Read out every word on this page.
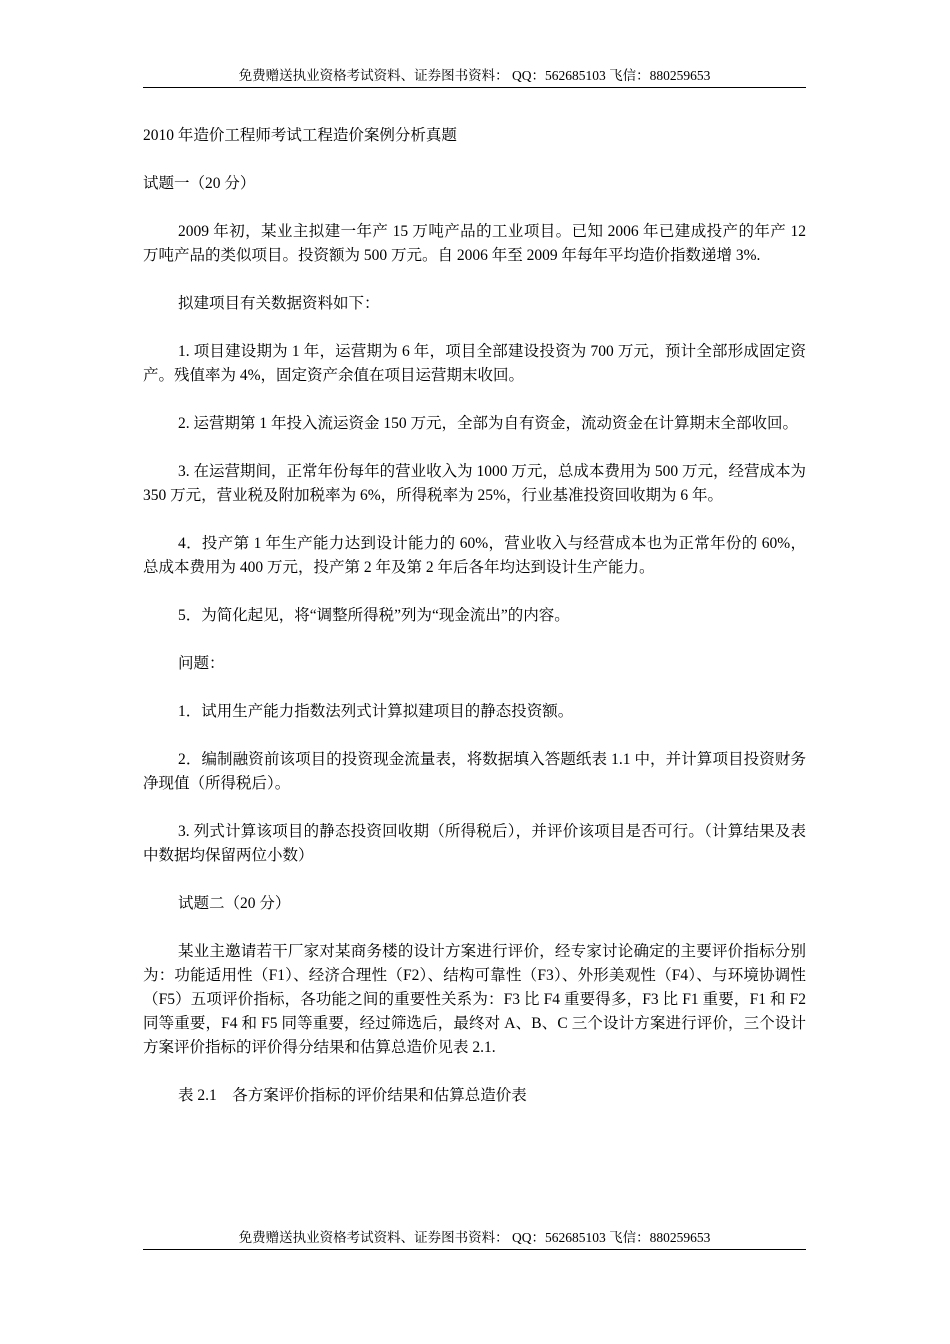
免费赠送执业资格考试资料、证券图书资料： QQ：562685103 飞信：880259653

2010 年造价工程师考试工程造价案例分析真题

试题一（20 分）

2009 年初，某业主拟建一年产 15 万吨产品的工业项目。已知 2006 年已建成投产的年产 12 万吨产品的类似项目。投资额为 500 万元。自 2006 年至 2009 年每年平均造价指数递增 3%.

拟建项目有关数据资料如下：

1. 项目建设期为 1 年，运营期为 6 年，项目全部建设投资为 700 万元，预计全部形成固定资产。残值率为 4%，固定资产余值在项目运营期末收回。

2. 运营期第 1 年投入流运资金 150 万元，全部为自有资金，流动资金在计算期末全部收回。

3. 在运营期间，正常年份每年的营业收入为 1000 万元，总成本费用为 500 万元，经营成本为 350 万元，营业税及附加税率为 6%，所得税率为 25%，行业基准投资回收期为 6 年。

4．投产第 1 年生产能力达到设计能力的 60%，营业收入与经营成本也为正常年份的 60%，总成本费用为 400 万元，投产第 2 年及第 2 年后各年均达到设计生产能力。

5．为简化起见，将“调整所得税”列为“现金流出”的内容。

问题：

1．试用生产能力指数法列式计算拟建项目的静态投资额。

2．编制融资前该项目的投资现金流量表，将数据填入答题纸表 1.1 中，并计算项目投资财务净现值（所得税后）。

3. 列式计算该项目的静态投资回收期（所得税后），并评价该项目是否可行。（计算结果及表中数据均保留两位小数）

试题二（20 分）

某业主邀请若干厂家对某商务楼的设计方案进行评价，经专家讨论确定的主要评价指标分别为：功能适用性（F1）、经济合理性（F2）、结构可靠性（F3）、外形美观性（F4）、与环境协调性（F5）五项评价指标，各功能之间的重要性关系为：F3 比 F4 重要得多，F3 比 F1 重要，F1 和 F2 同等重要，F4 和 F5 同等重要，经过筛选后，最终对 A、B、C 三个设计方案进行评价，三个设计方案评价指标的评价得分结果和估算总造价见表 2.1.

表 2.1　各方案评价指标的评价结果和估算总造价表

免费赠送执业资格考试资料、证券图书资料： QQ：562685103 飞信：880259653
